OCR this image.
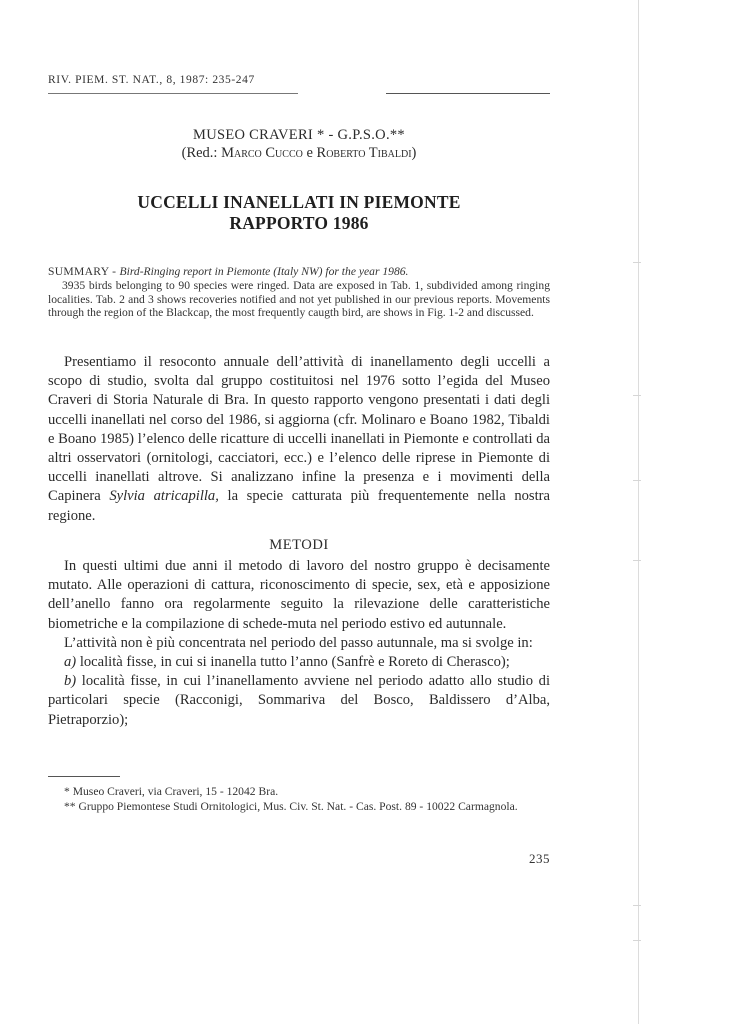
RIV. PIEM. ST. NAT., 8, 1987: 235-247
MUSEO CRAVERI * - G.P.S.O.**
(Red.: Marco Cucco e Roberto Tibaldi)
UCCELLI INANELLATI IN PIEMONTE
RAPPORTO 1986

SUMMARY - Bird-Ringing report in Piemonte (Italy NW) for the year 1986.

3935 birds belonging to 90 species were ringed. Data are exposed in Tab. 1, subdivided among ringing localities. Tab. 2 and 3 shows recoveries notified and not yet published in our previous reports. Movements through the region of the Blackcap, the most frequently caugth bird, are shows in Fig. 1-2 and discussed.

Presentiamo il resoconto annuale dell’attività di inanellamento degli uccelli a scopo di studio, svolta dal gruppo costituitosi nel 1976 sotto l’egida del Museo Craveri di Storia Naturale di Bra. In questo rapporto vengono presentati i dati degli uccelli inanellati nel corso del 1986, si aggiorna (cfr. Molinaro e Boano 1982, Tibaldi e Boano 1985) l’elenco delle ricatture di uccelli inanellati in Piemonte e controllati da altri osservatori (ornitologi, cacciatori, ecc.) e l’elenco delle riprese in Piemonte di uccelli inanellati altrove. Si analizzano infine la presenza e i movimenti della Capinera Sylvia atricapilla, la specie catturata più frequentemente nella nostra regione.

METODI

In questi ultimi due anni il metodo di lavoro del nostro gruppo è decisamente mutato. Alle operazioni di cattura, riconoscimento di specie, sex, età e apposizione dell’anello fanno ora regolarmente seguito la rilevazione delle caratteristiche biometriche e la compilazione di schede-muta nel periodo estivo ed autunnale.

L’attività non è più concentrata nel periodo del passo autunnale, ma si svolge in:

a) località fisse, in cui si inanella tutto l’anno (Sanfrè e Roreto di Cherasco);

b) località fisse, in cui l’inanellamento avviene nel periodo adatto allo studio di particolari specie (Racconigi, Sommariva del Bosco, Baldissero d’Alba, Pietraporzio);

* Museo Craveri, via Craveri, 15 - 12042 Bra.

** Gruppo Piemontese Studi Ornitologici, Mus. Civ. St. Nat. - Cas. Post. 89 - 10022 Carmagnola.

235
